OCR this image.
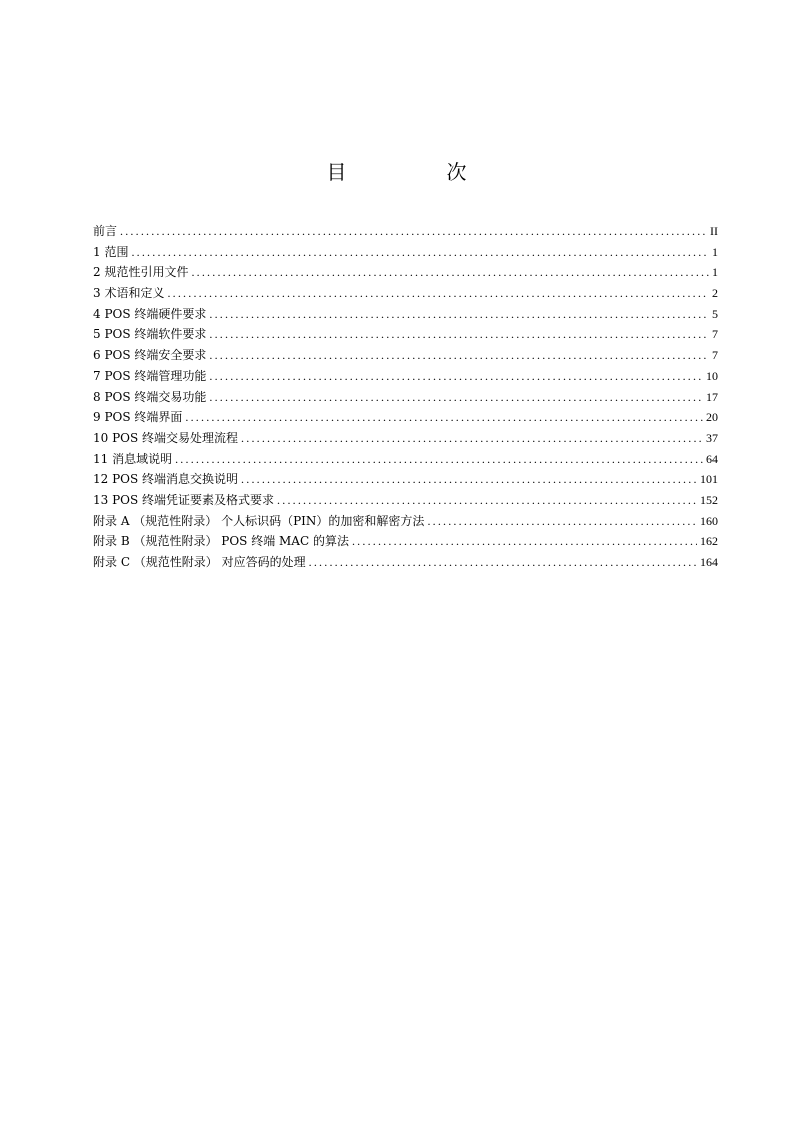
目　次
前言 .....	II
1 范围 .....	1
2 规范性引用文件 .....	1
3 术语和定义 .....	2
4 POS 终端硬件要求 .....	5
5 POS 终端软件要求 .....	7
6 POS 终端安全要求 .....	7
7 POS 终端管理功能 .....	10
8 POS 终端交易功能 .....	17
9 POS 终端界面 .....	20
10 POS 终端交易处理流程 .....	37
11 消息域说明 .....	64
12 POS 终端消息交换说明 .....	101
13 POS 终端凭证要素及格式要求 .....	152
附录 A （规范性附录） 个人标识码（PIN）的加密和解密方法 .....	160
附录 B （规范性附录） POS 终端 MAC 的算法 .....	162
附录 C （规范性附录） 对应答码的处理 .....	164
